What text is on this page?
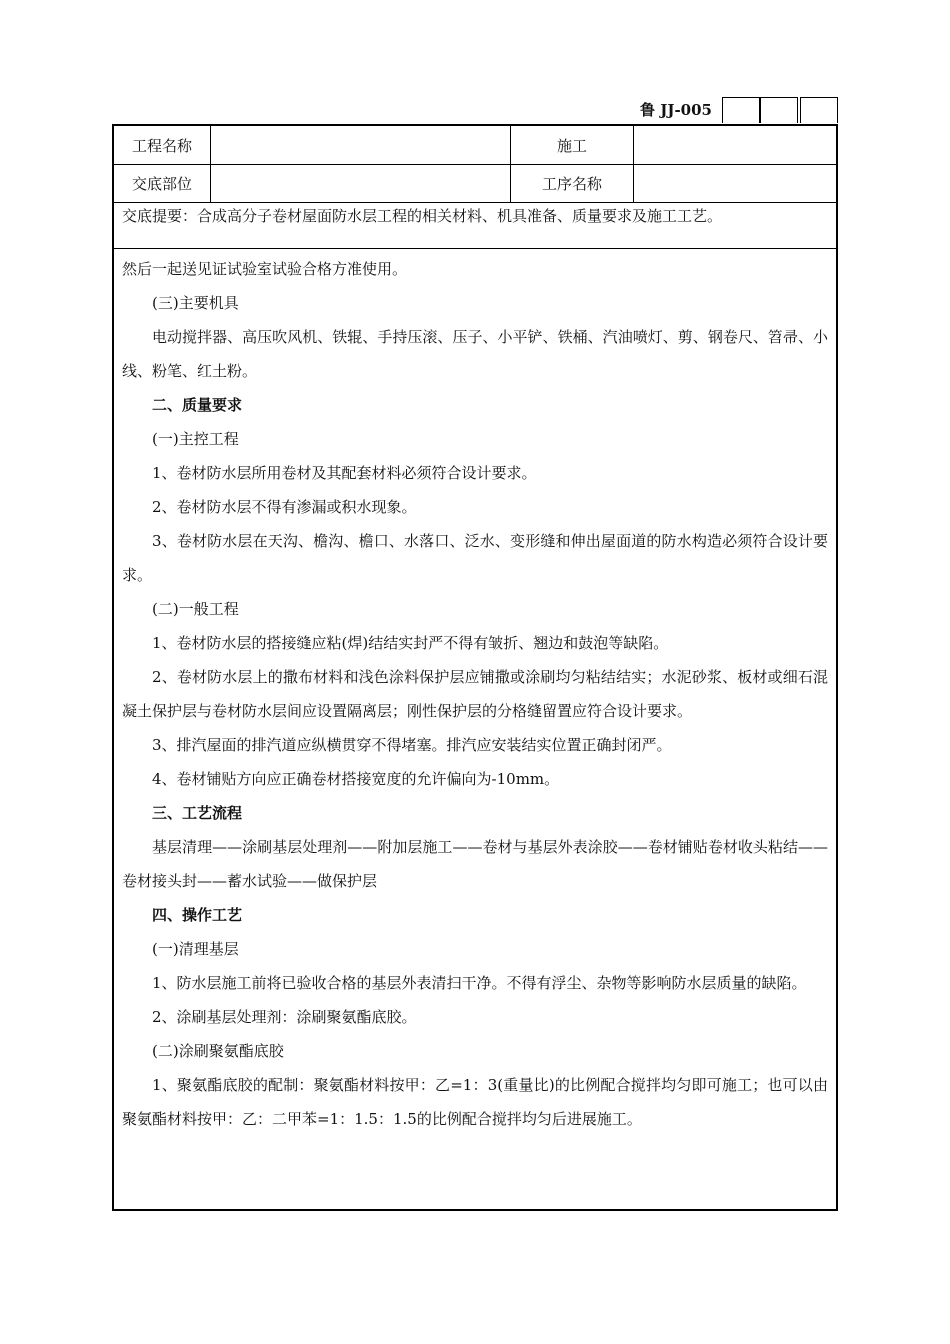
鲁 JJ-005
工程名称	施工
交底部位	工序名称
交底提要：合成高分子卷材屋面防水层工程的相关材料、机具准备、质量要求及施工工艺。

然后一起送见证试验室试验合格方准使用。

(三)主要机具

电动搅拌器、高压吹风机、铁辊、手持压滚、压子、小平铲、铁桶、汽油喷灯、剪、钢卷尺、笤帚、小线、粉笔、红土粉。

二、质量要求

(一)主控工程

1、卷材防水层所用卷材及其配套材料必须符合设计要求。

2、卷材防水层不得有渗漏或积水现象。

3、卷材防水层在天沟、檐沟、檐口、水落口、泛水、变形缝和伸出屋面道的防水构造必须符合设计要求。

(二)一般工程

1、卷材防水层的搭接缝应粘(焊)结结实封严不得有皱折、翘边和鼓泡等缺陷。

2、卷材防水层上的撒布材料和浅色涂料保护层应铺撒或涂刷均匀粘结结实；水泥砂浆、板材或细石混凝土保护层与卷材防水层间应设置隔离层；刚性保护层的分格缝留置应符合设计要求。

3、排汽屋面的排汽道应纵横贯穿不得堵塞。排汽应安装结实位置正确封闭严。

4、卷材铺贴方向应正确卷材搭接宽度的允许偏向为-10mm。

三、工艺流程

基层清理——涂刷基层处理剂——附加层施工——卷材与基层外表涂胶——卷材铺贴卷材收头粘结——卷材接头封——蓄水试验——做保护层

四、操作工艺

(一)清理基层

1、防水层施工前将已验收合格的基层外表清扫干净。不得有浮尘、杂物等影响防水层质量的缺陷。

2、涂刷基层处理剂：涂刷聚氨酯底胶。

(二)涂刷聚氨酯底胶

1、聚氨酯底胶的配制：聚氨酯材料按甲：乙=1：3(重量比)的比例配合搅拌均匀即可施工；也可以由聚氨酯材料按甲：乙：二甲苯=1：1.5：1.5的比例配合搅拌均匀后进展施工。
